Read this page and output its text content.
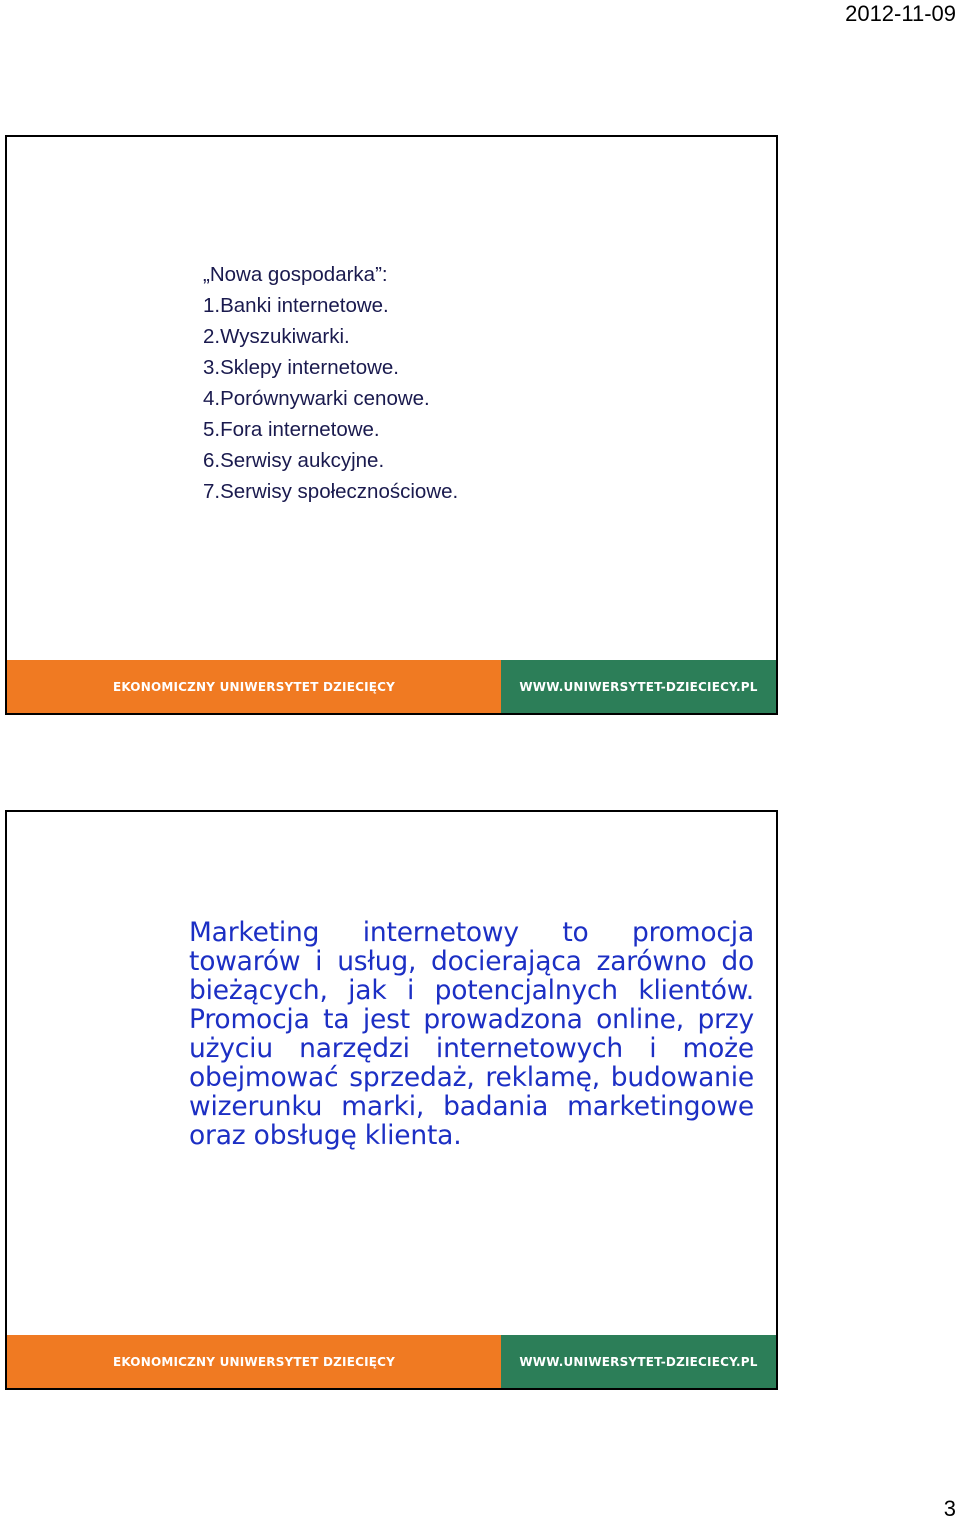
2012-11-09

„Nowa gospodarka”:

1.Banki internetowe.
2.Wyszukiwarki.
3.Sklepy internetowe.
4.Porównywarki cenowe.
5.Fora internetowe.
6.Serwisy aukcyjne.
7.Serwisy społecznościowe.
EKONOMICZNY UNIWERSYTET DZIECIĘCY	WWW.UNIWERSYTET-DZIECIECY.PL

Marketing internetowy to promocja towarów i usług, docierająca zarówno do bieżących, jak i potencjalnych klientów. Promocja ta jest prowadzona online, przy użyciu narzędzi internetowych i może obejmować sprzedaż, reklamę, budowanie wizerunku marki, badania marketingowe oraz obsługę klienta.

EKONOMICZNY UNIWERSYTET DZIECIĘCY	WWW.UNIWERSYTET-DZIECIECY.PL
3
